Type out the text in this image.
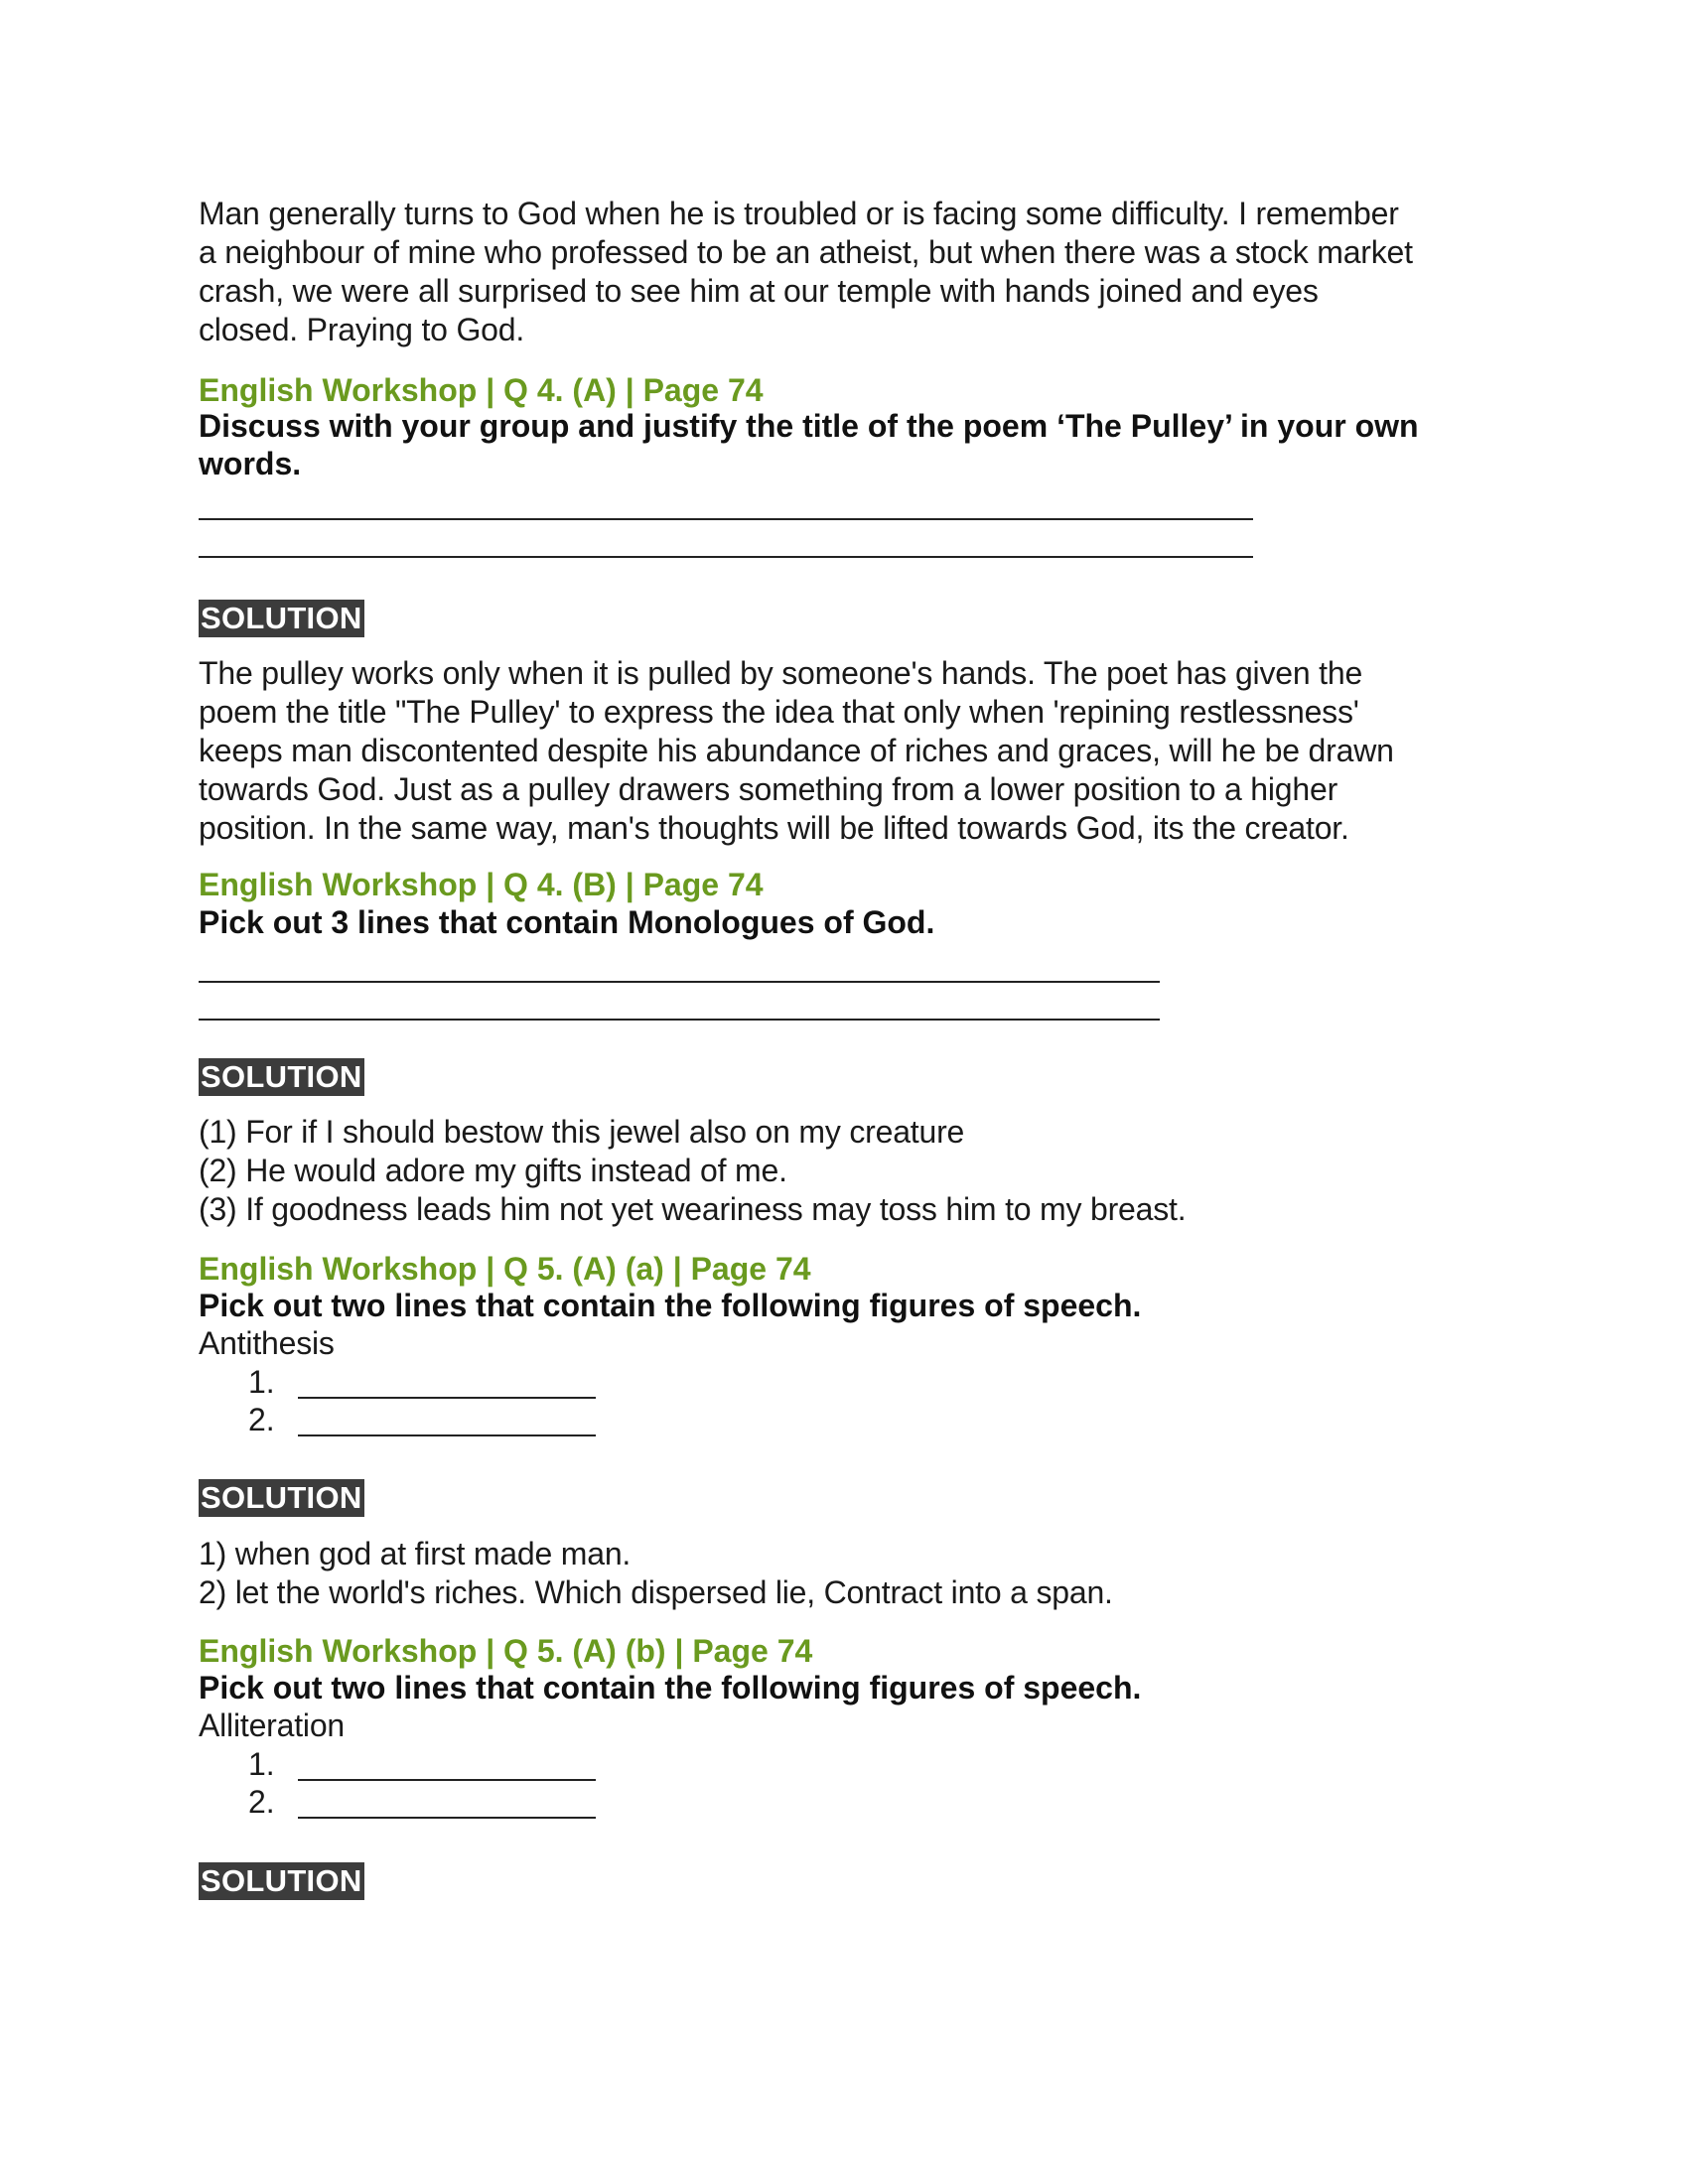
Man generally turns to God when he is troubled or is facing some difficulty. I remember
a neighbour of mine who professed to be an atheist, but when there was a stock market
crash, we were all surprised to see him at our temple with hands joined and eyes
closed. Praying to God.
English Workshop | Q 4. (A) | Page 74
Discuss with your group and justify the title of the poem ‘The Pulley’ in your own
words.
SOLUTION
The pulley works only when it is pulled by someone's hands. The poet has given the
poem the title "The Pulley' to express the idea that only when 'repining restlessness'
keeps man discontented despite his abundance of riches and graces, will he be drawn
towards God. Just as a pulley drawers something from a lower position to a higher
position. In the same way, man's thoughts will be lifted towards God, its the creator.
English Workshop | Q 4. (B) | Page 74
Pick out 3 lines that contain Monologues of God.
SOLUTION
(1) For if I should bestow this jewel also on my creature
(2) He would adore my gifts instead of me.
(3) If goodness leads him not yet weariness may toss him to my breast.
English Workshop | Q 5. (A) (a) | Page 74
Pick out two lines that contain the following figures of speech.
Antithesis
1.
2.
SOLUTION
1) when god at first made man.
2) let the world's riches. Which dispersed lie, Contract into a span.
English Workshop | Q 5. (A) (b) | Page 74
Pick out two lines that contain the following figures of speech.
Alliteration
1.
2.
SOLUTION
